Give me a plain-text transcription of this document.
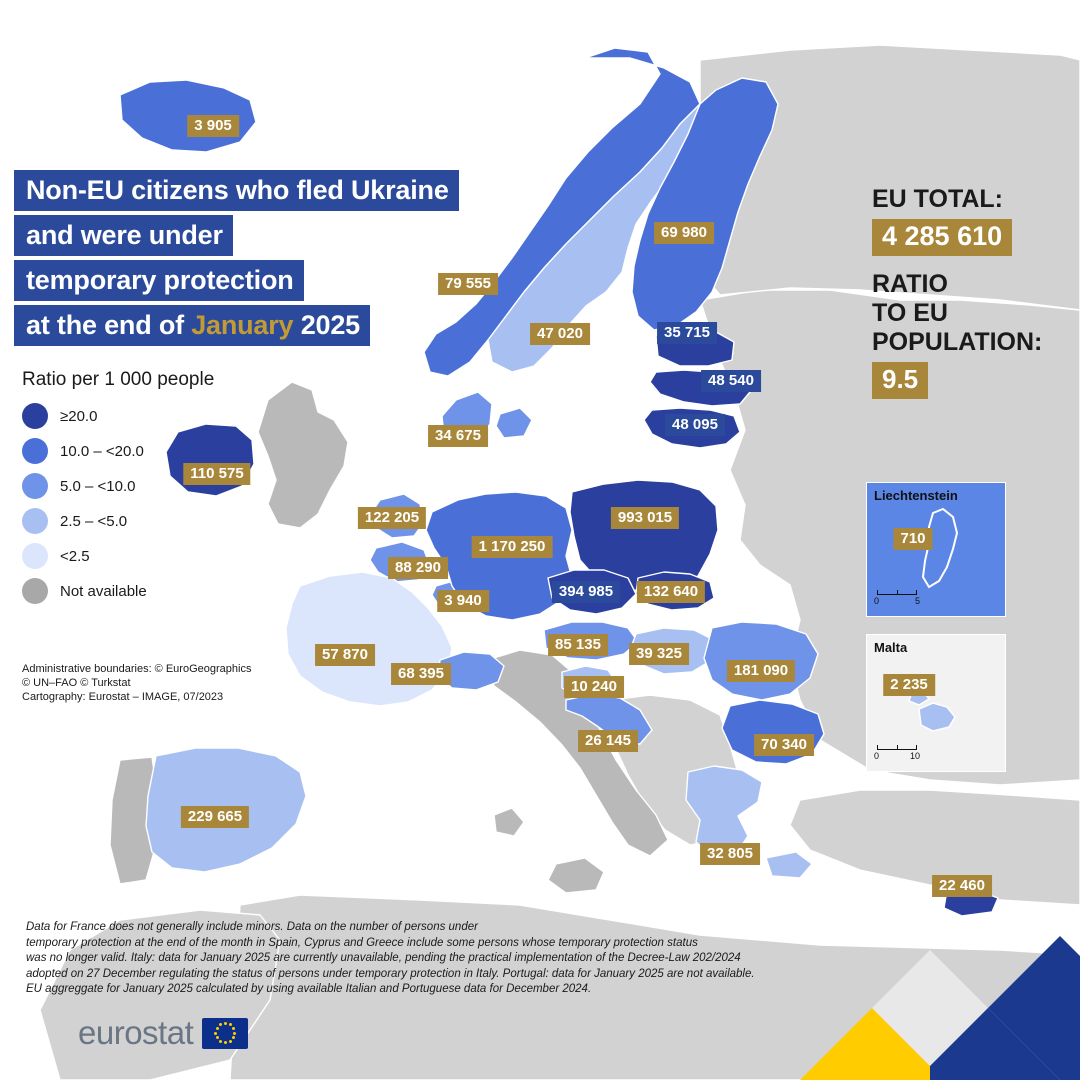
Non-EU citizens who fled Ukraine
and were under
temporary protection
at the end of January 2025
Ratio per 1 000 people
≥20.0
10.0 – <20.0
5.0 – <10.0
2.5 – <5.0
<2.5
Not available
Administrative boundaries: © EuroGeographics
© UN–FAO © Turkstat
Cartography: Eurostat – IMAGE, 07/2023
EU TOTAL:
4 285 610
RATIO
TO EU
POPULATION:
9.5
Liechtenstein
710
0	5
Malta
2 235
0	10
3 905
69 980
79 555
47 020	35 715
48 540
48 095
34 675
110 575
122 205	993 015
1 170 250
88 290
394 985	132 640
3 940
85 135
39 325
57 870
68 395	181 090
10 240
26 145	70 340
229 665
32 805
22 460
Data for France does not generally include minors. Data on the number of persons under
temporary protection at the end of the month in Spain, Cyprus and Greece include some persons whose temporary protection status
was no longer valid. Italy: data for January 2025 are currently unavailable, pending the practical implementation of the Decree-Law 202/2024
adopted on 27 December regulating the status of persons under temporary protection in Italy. Portugal: data for January 2025 are not available.
EU aggreggate for January 2025 calculated by using available Italian and Portuguese data for December 2024.
eurostat
